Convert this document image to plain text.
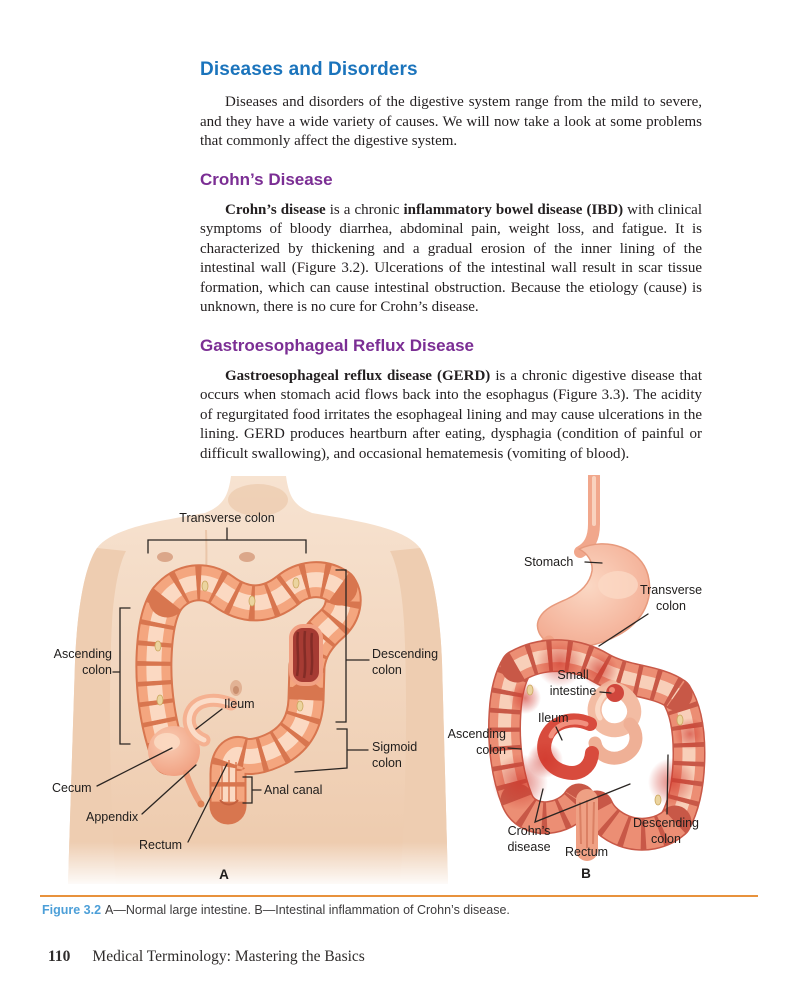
Diseases and Disorders

Diseases and disorders of the digestive system range from the mild to severe, and they have a wide variety of causes. We will now take a look at some problems that commonly affect the digestive system.

Crohn’s Disease

Crohn’s disease is a chronic inflammatory bowel disease (IBD) with clinical symptoms of bloody diarrhea, abdominal pain, weight loss, and fatigue. It is characterized by thickening and a gradual erosion of the inner lining of the intestinal wall (Figure 3.2). Ulcerations of the intestinal wall result in scar tissue formation, which can cause intestinal obstruction. Because the etiology (cause) is unknown, there is no cure for Crohn’s disease.

Gastroesophageal Reflux Disease

Gastroesophageal reflux disease (GERD) is a chronic digestive disease that occurs when stomach acid flows back into the esophagus (Figure 3.3). The acidity of regurgitated food irritates the esophageal lining and may cause ulcerations in the lining. GERD produces heartburn after eating, dysphagia (condition of painful or difficult swallowing), and occasional hematemesis (vomiting of blood).

Transverse colon
Ascending colon
Ileum
Descending colon
Sigmoid colon
Anal canal
Cecum
Appendix
Rectum
A
Stomach
Transverse colon
Small intestine
Ileum
Ascending colon
Crohn’s disease	Rectum
Descending colon
B

Figure 3.2 A—Normal large intestine. B—Intestinal inflammation of Crohn’s disease.

110 Medical Terminology: Mastering the Basics
